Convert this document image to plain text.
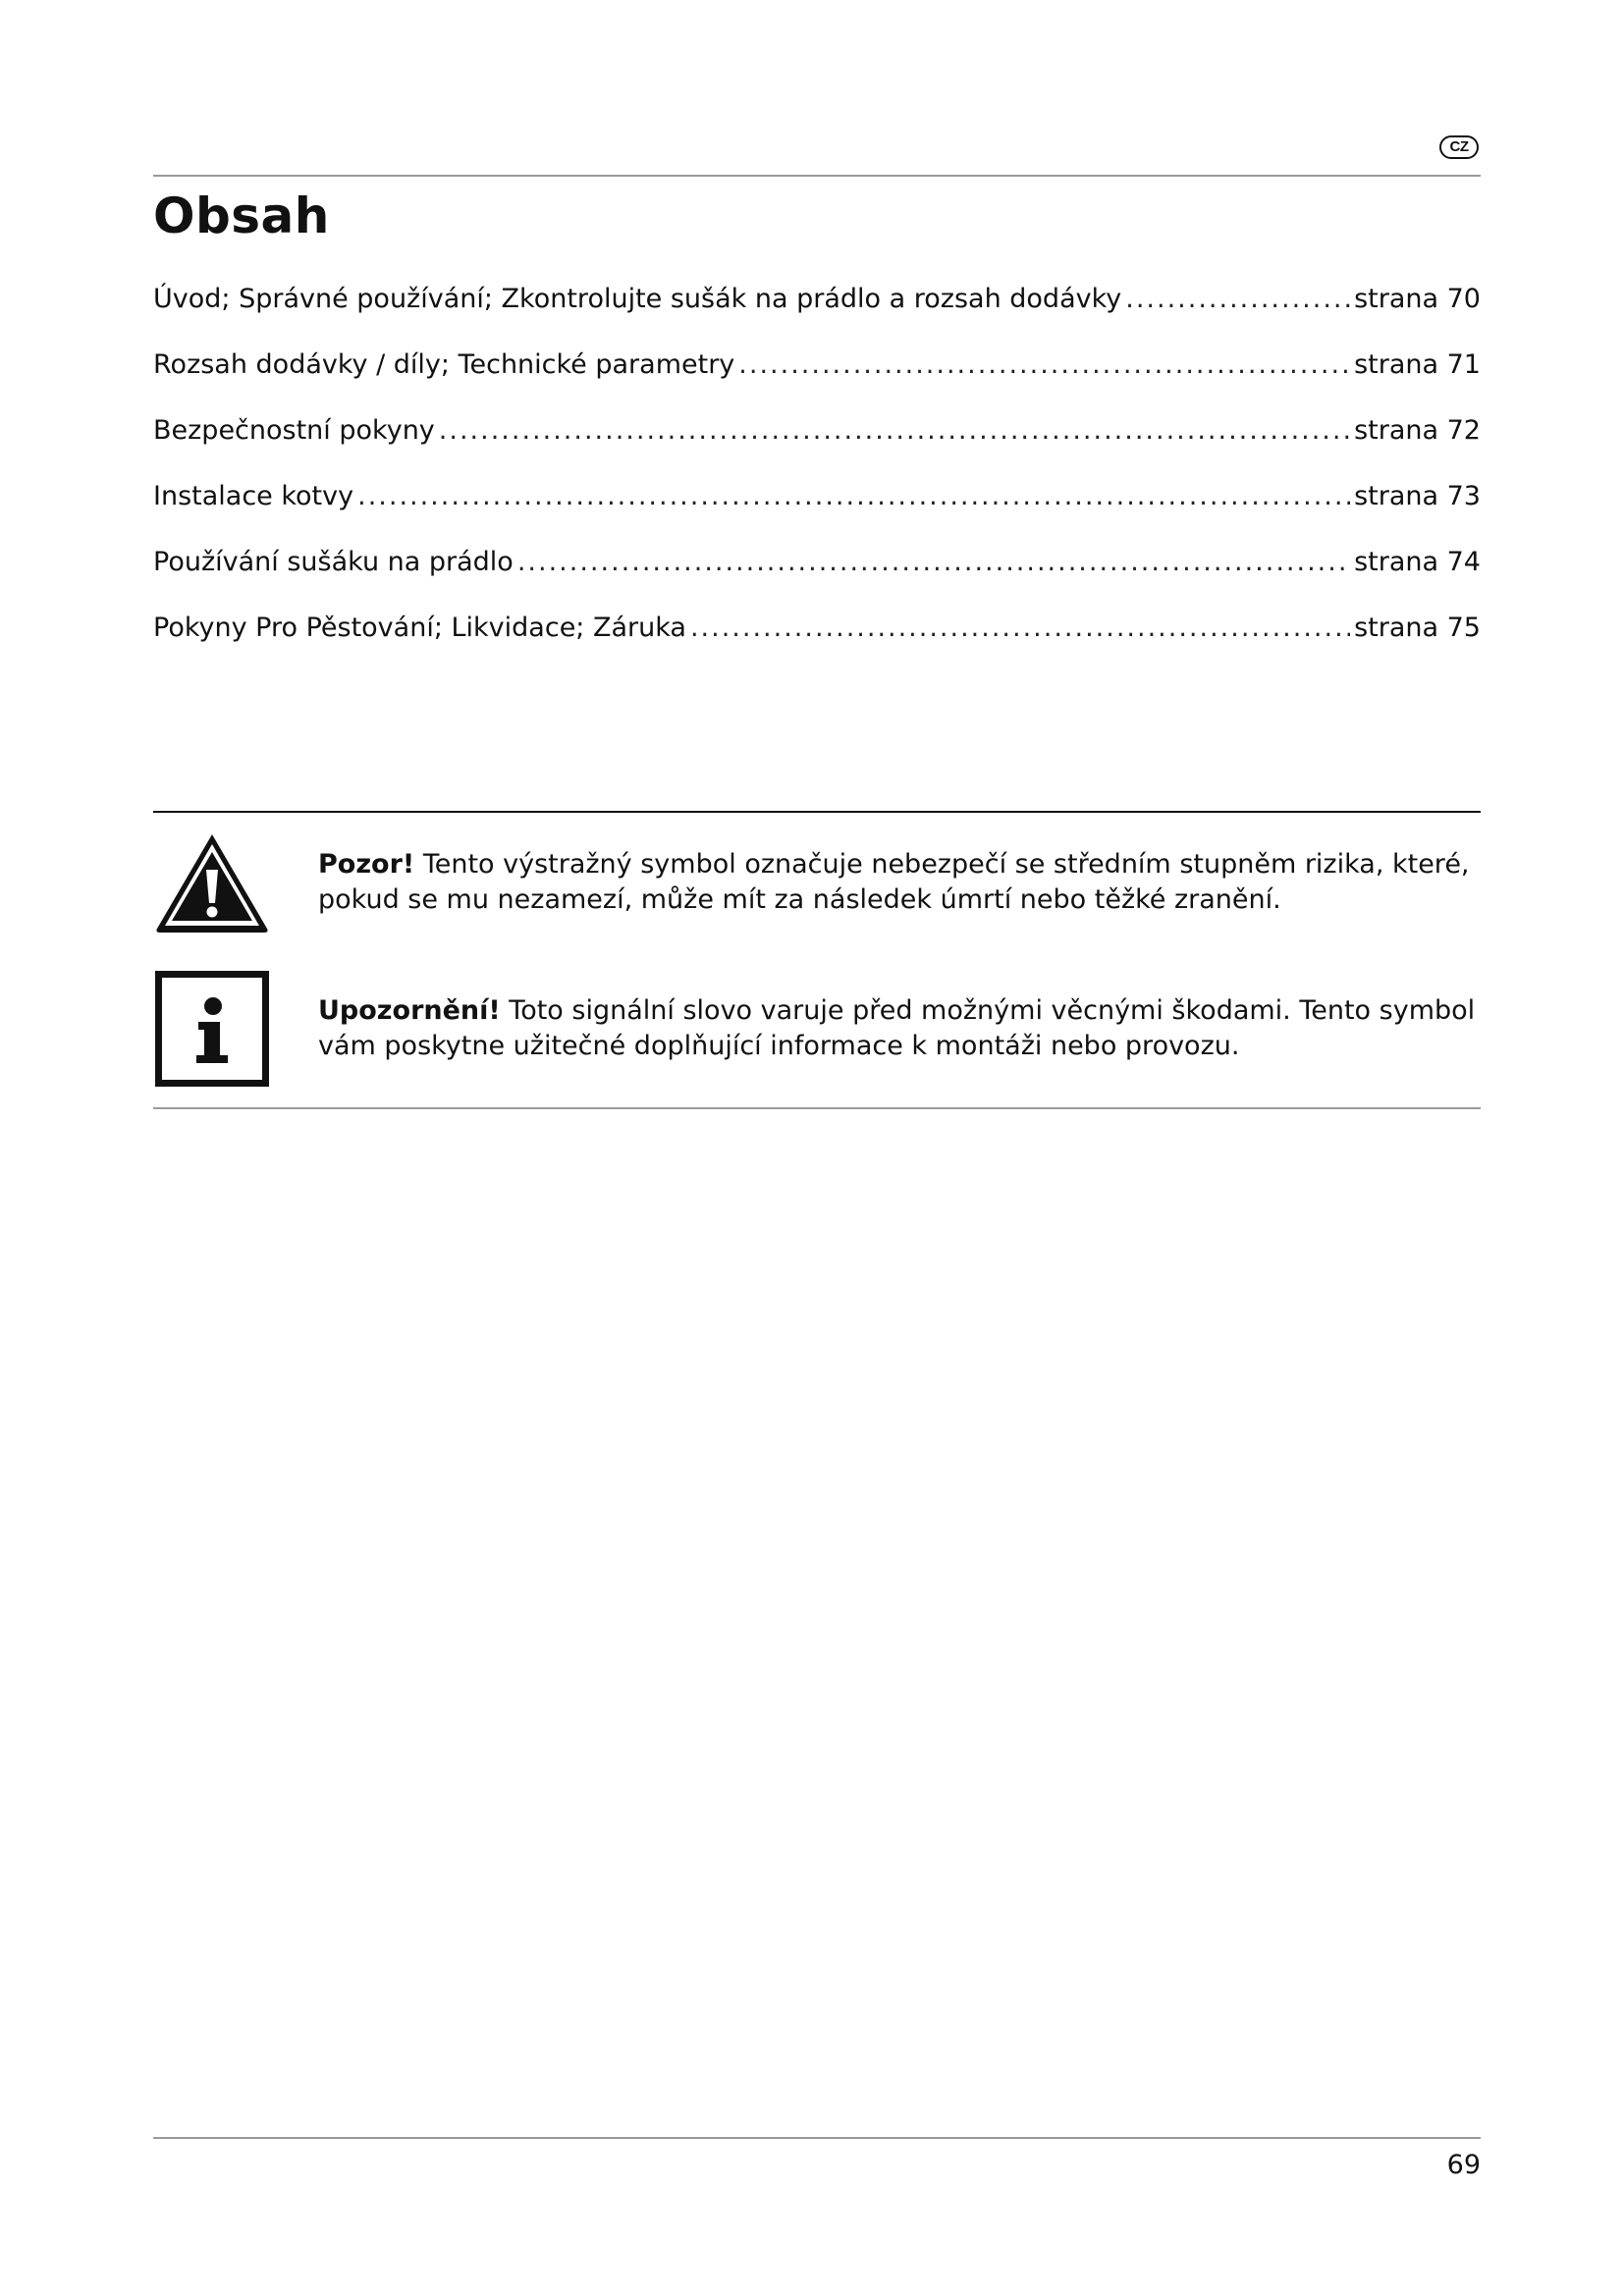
CZ
Obsah
Úvod; Správné používání; Zkontrolujte sušák na prádlo a rozsah dodávky .....	strana 70
Rozsah dodávky / díly; Technické parametry .....	strana 71
Bezpečnostní pokyny .....	strana 72
Instalace kotvy .....	strana 73
Používání sušáku na prádlo .....	strana 74
Pokyny Pro Pěstování; Likvidace; Záruka .....	strana 75

Pozor! Tento výstražný symbol označuje nebezpečí se středním stupněm rizika, které, pokud se mu nezamezí, může mít za následek úmrtí nebo těžké zranění.

Upozornění! Toto signální slovo varuje před možnými věcnými škodami. Tento symbol vám poskytne užitečné doplňující informace k montáži nebo provozu.

69
